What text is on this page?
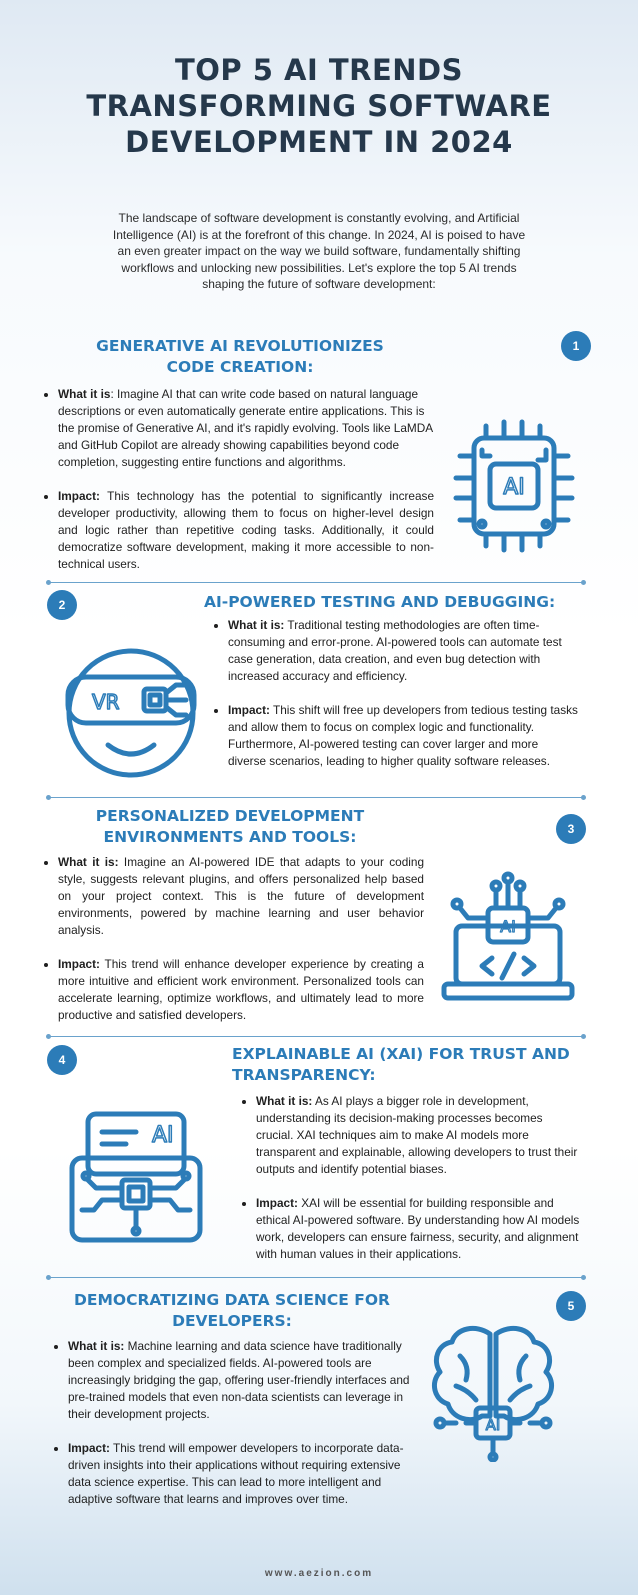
TOP 5 AI TRENDS TRANSFORMING SOFTWARE DEVELOPMENT IN 2024
The landscape of software development is constantly evolving, and Artificial Intelligence (AI) is at the forefront of this change. In 2024, AI is poised to have an even greater impact on the way we build software, fundamentally shifting workflows and unlocking new possibilities. Let's explore the top 5 AI trends shaping the future of software development:
GENERATIVE AI REVOLUTIONIZES CODE CREATION:
1
• What it is: Imagine AI that can write code based on natural language descriptions or even automatically generate entire applications. This is the promise of Generative AI, and it's rapidly evolving. Tools like LaMDA and GitHub Copilot are already showing capabilities beyond code completion, suggesting entire functions and algorithms.
• Impact: This technology has the potential to significantly increase developer productivity, allowing them to focus on higher-level design and logic rather than repetitive coding tasks. Additionally, it could democratize software development, making it more accessible to non-technical users.
AI
2	AI-POWERED TESTING AND DEBUGGING:
• What it is: Traditional testing methodologies are often time-consuming and error-prone. AI-powered tools can automate test case generation, data creation, and even bug detection with increased accuracy and efficiency.
• Impact: This shift will free up developers from tedious testing tasks and allow them to focus on complex logic and functionality. Furthermore, AI-powered testing can cover larger and more diverse scenarios, leading to higher quality software releases.
VR
PERSONALIZED DEVELOPMENT ENVIRONMENTS AND TOOLS:	3
• What it is: Imagine an AI-powered IDE that adapts to your coding style, suggests relevant plugins, and offers personalized help based on your project context. This is the future of development environments, powered by machine learning and user behavior analysis.
• Impact: This trend will enhance developer experience by creating a more intuitive and efficient work environment. Personalized tools can accelerate learning, optimize workflows, and ultimately lead to more productive and satisfied developers.
AI
4	EXPLAINABLE AI (XAI) FOR TRUST AND TRANSPARENCY:
• What it is: As AI plays a bigger role in development, understanding its decision-making processes becomes crucial. XAI techniques aim to make AI models more transparent and explainable, allowing developers to trust their outputs and identify potential biases.
• Impact: XAI will be essential for building responsible and ethical AI-powered software. By understanding how AI models work, developers can ensure fairness, security, and alignment with human values in their applications.
AI
DEMOCRATIZING DATA SCIENCE FOR DEVELOPERS:
5
• What it is: Machine learning and data science have traditionally been complex and specialized fields. AI-powered tools are increasingly bridging the gap, offering user-friendly interfaces and pre-trained models that even non-data scientists can leverage in their development projects.
• Impact: This trend will empower developers to incorporate data-driven insights into their applications without requiring extensive data science expertise. This can lead to more intelligent and adaptive software that learns and improves over time.
AI
www.aezion.com
